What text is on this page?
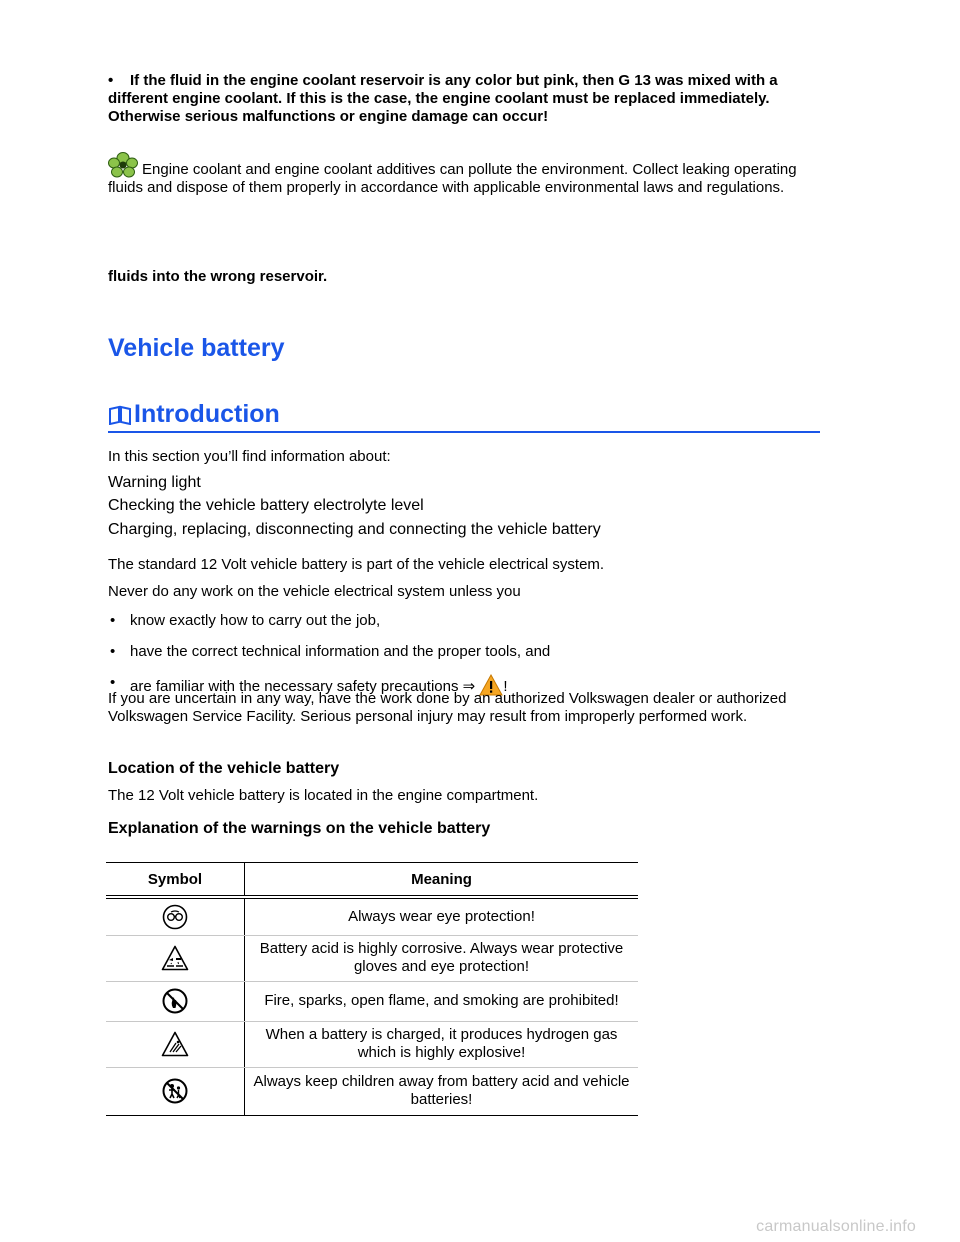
• If the fluid in the engine coolant reservoir is any color but pink, then G 13 was mixed with a different engine coolant. If this is the case, the engine coolant must be replaced immediately. Otherwise serious malfunctions or engine damage can occur!
Engine coolant and engine coolant additives can pollute the environment. Collect leaking operating fluids and dispose of them properly in accordance with applicable environmental laws and regulations.
fluids into the wrong reservoir.
Vehicle battery
Introduction
In this section you’ll find information about:
Warning light
Checking the vehicle battery electrolyte level
Charging, replacing, disconnecting and connecting the vehicle battery
The standard 12 Volt vehicle battery is part of the vehicle electrical system.
Never do any work on the vehicle electrical system unless you
• know exactly how to carry out the job,
• have the correct technical information and the proper tools, and
• are familiar with the necessary safety precautions ⇒ !
If you are uncertain in any way, have the work done by an authorized Volkswagen dealer or authorized Volkswagen Service Facility. Serious personal injury may result from improperly performed work.
Location of the vehicle battery
The 12 Volt vehicle battery is located in the engine compartment.
Explanation of the warnings on the vehicle battery
Symbol	Meaning

	Always wear eye protection!

	Battery acid is highly corrosive. Always wear protective gloves and eye protection!

	Fire, sparks, open flame, and smoking are prohibited!

	When a battery is charged, it produces hydrogen gas which is highly explosive!

	Always keep children away from battery acid and vehicle batteries!
carmanualsonline.info
